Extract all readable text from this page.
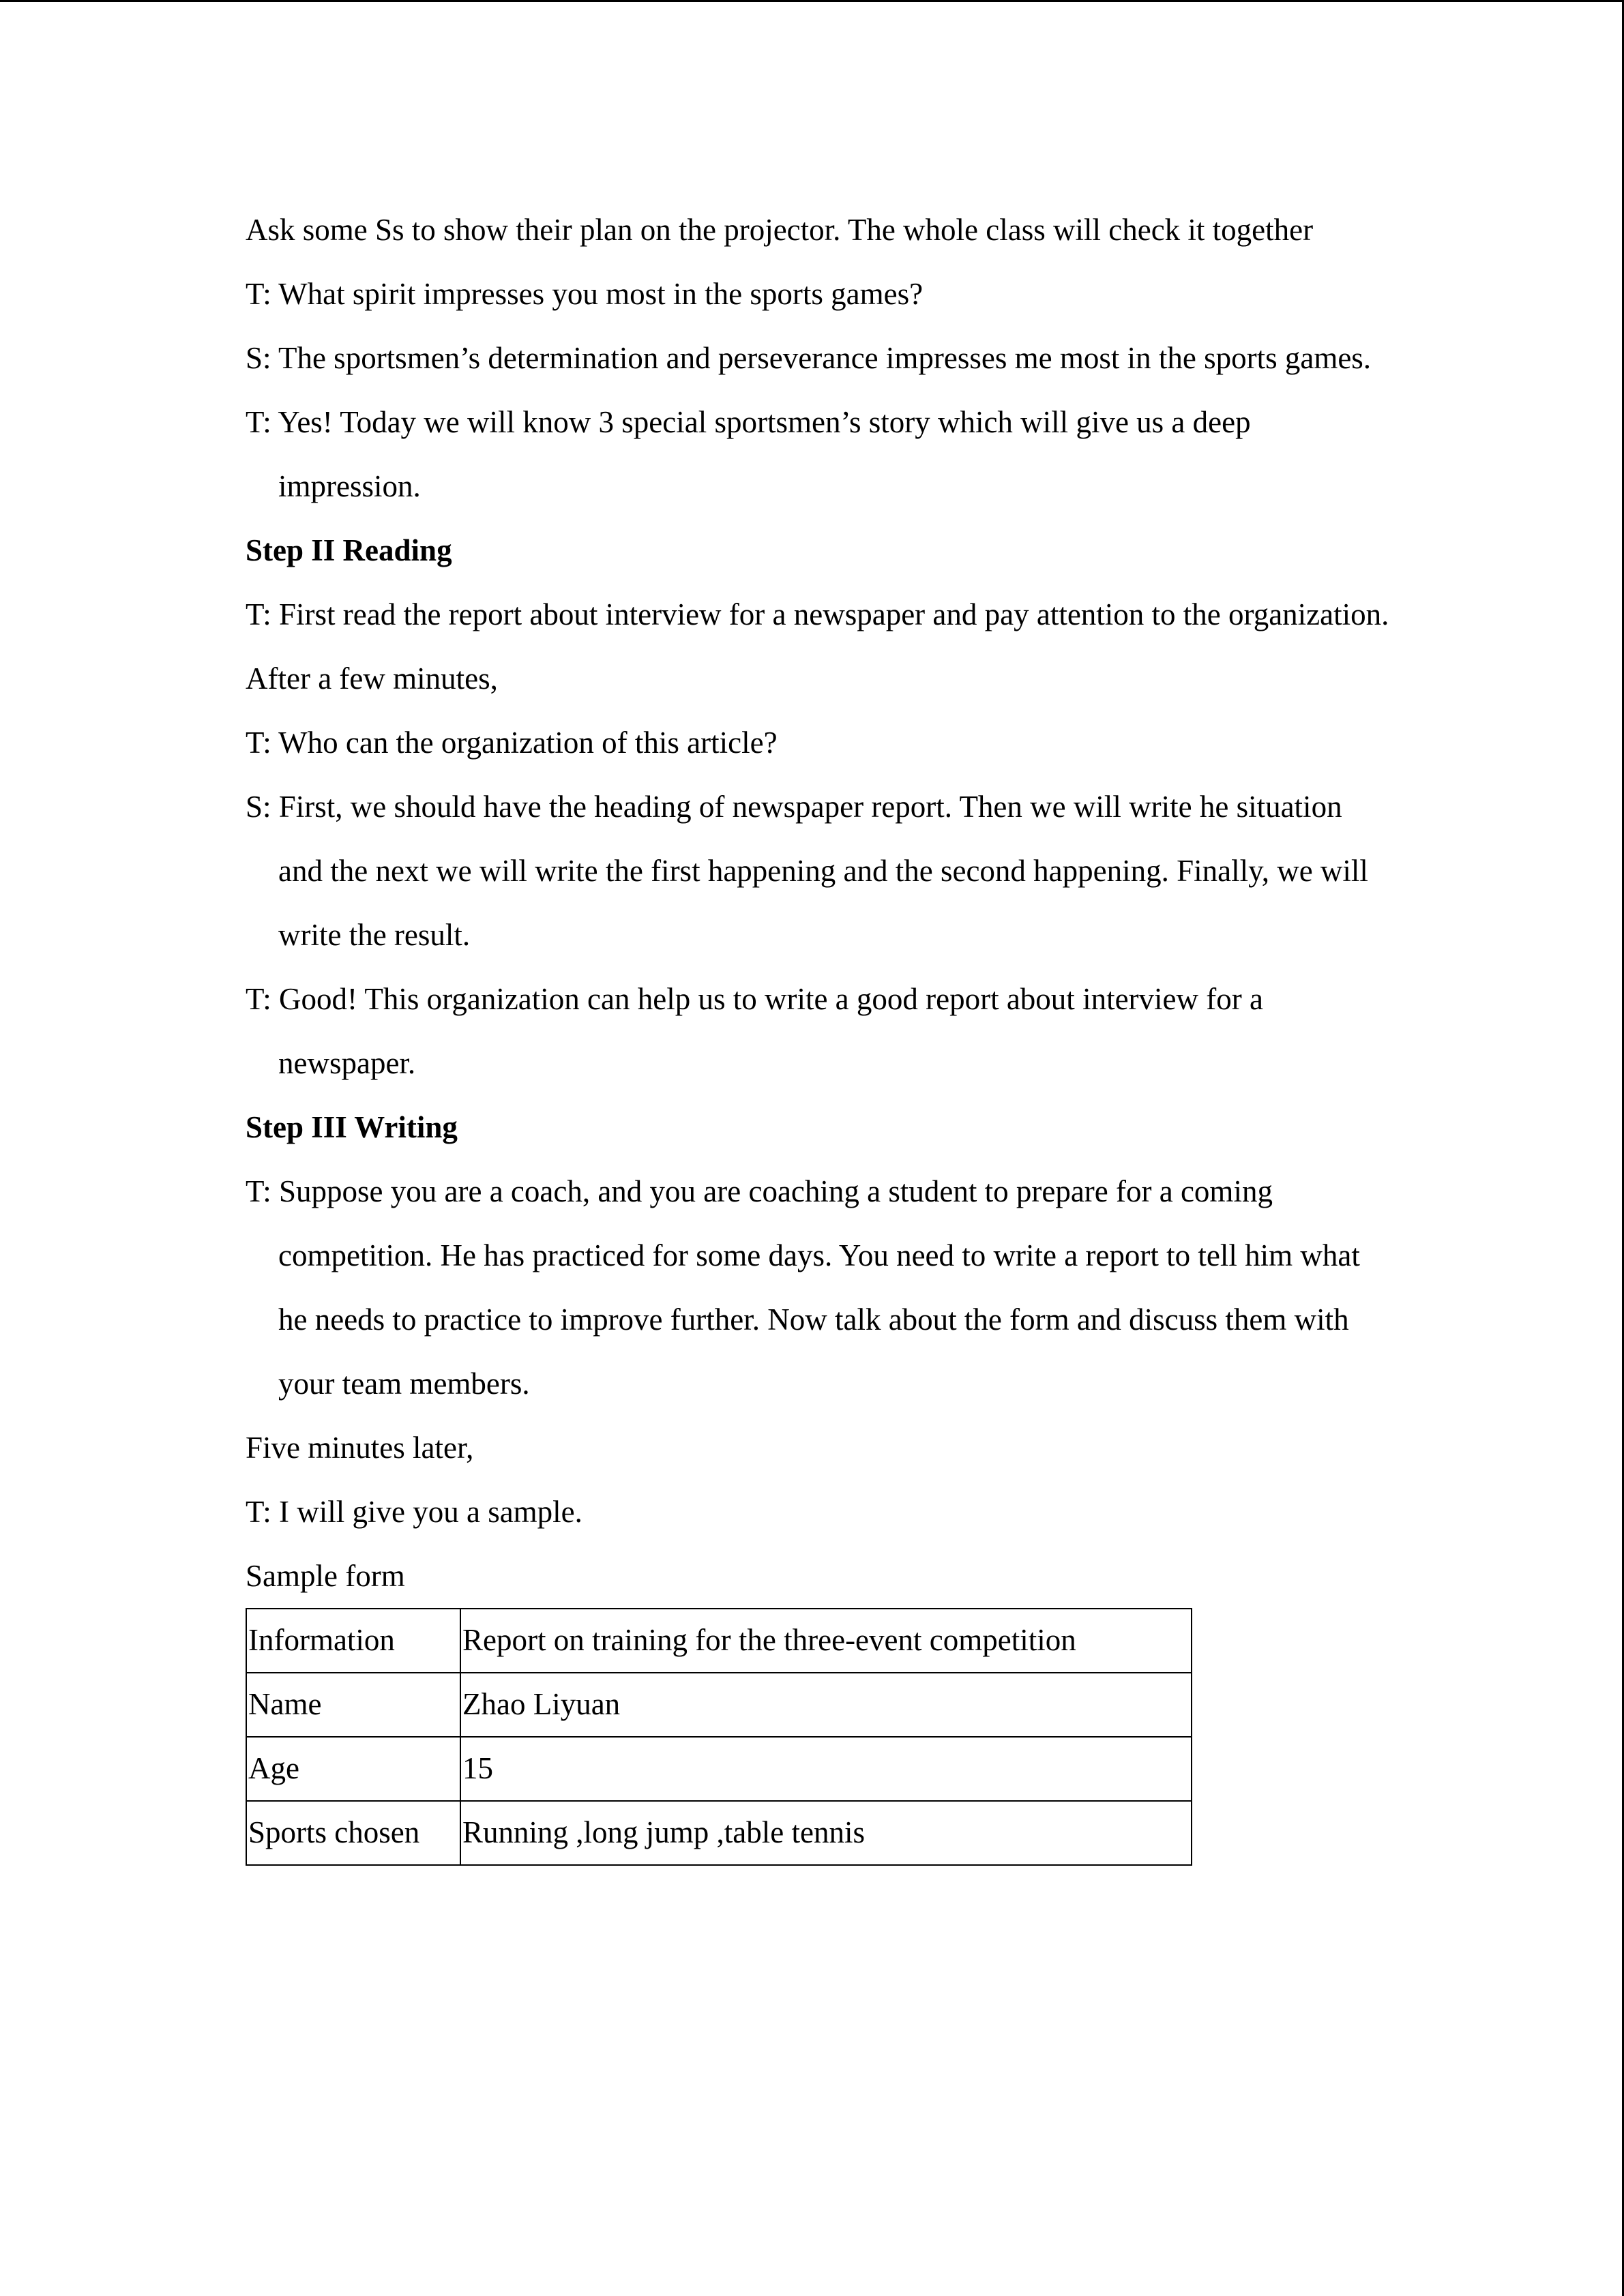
Ask some Ss to show their plan on the projector. The whole class will check it together

T: What spirit impresses you most in the sports games?

S: The sportsmen’s determination and perseverance impresses me most in the sports games.

T: Yes! Today we will know 3 special sportsmen’s story which will give us a deep impression.

Step II Reading

T: First read the report about interview for a newspaper and pay attention to the organization.

After a few minutes,

T: Who can the organization of this article?

S: First, we should have the heading of newspaper report. Then we will write he situation and the next we will write the first happening and the second happening. Finally, we will write the result.

T: Good! This organization can help us to write a good report about interview for a newspaper.

Step III Writing

T: Suppose you are a coach, and you are coaching a student to prepare for a coming competition. He has practiced for some days. You need to write a report to tell him what he needs to practice to improve further. Now talk about the form and discuss them with your team members.

Five minutes later,

T: I will give you a sample.

Sample form

Information	Report on training for the three-event competition
Name	Zhao Liyuan
Age	15
Sports chosen	Running ,long jump ,table tennis
